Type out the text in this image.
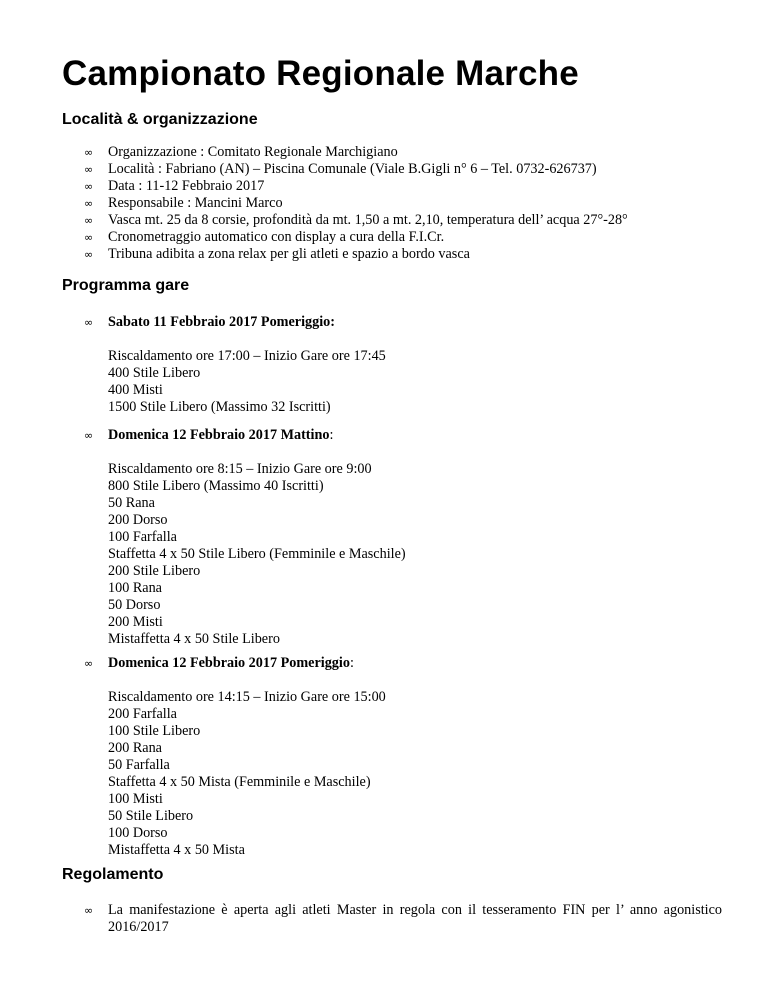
Campionato Regionale Marche
Località & organizzazione
∞ Organizzazione : Comitato Regionale Marchigiano
∞ Località : Fabriano (AN) – Piscina Comunale (Viale B.Gigli n° 6 – Tel. 0732-626737)
∞ Data : 11-12 Febbraio 2017
∞ Responsabile : Mancini Marco
∞ Vasca mt. 25 da 8 corsie, profondità da mt. 1,50 a mt. 2,10, temperatura dell’ acqua 27°-28°
∞ Cronometraggio automatico con display a cura della F.I.Cr.
∞ Tribuna adibita a zona relax per gli atleti e spazio a bordo vasca
Programma gare
∞ Sabato 11 Febbraio 2017 Pomeriggio:
Riscaldamento ore 17:00 – Inizio Gare ore 17:45
400 Stile Libero
400 Misti
1500 Stile Libero (Massimo 32 Iscritti)
∞ Domenica 12 Febbraio 2017 Mattino:
Riscaldamento ore 8:15 – Inizio Gare ore 9:00
800 Stile Libero (Massimo 40 Iscritti)
50 Rana
200 Dorso
100 Farfalla
Staffetta 4 x 50 Stile Libero (Femminile e Maschile)
200 Stile Libero
100 Rana
50 Dorso
200 Misti
Mistaffetta 4 x 50 Stile Libero
∞ Domenica 12 Febbraio 2017 Pomeriggio:
Riscaldamento ore 14:15 – Inizio Gare ore 15:00
200 Farfalla
100 Stile Libero
200 Rana
50 Farfalla
Staffetta 4 x 50 Mista (Femminile e Maschile)
100 Misti
50 Stile Libero
100 Dorso
Mistaffetta 4 x 50 Mista
Regolamento
∞ La manifestazione è aperta agli atleti Master in regola con il tesseramento FIN per l’ anno agonistico 2016/2017
